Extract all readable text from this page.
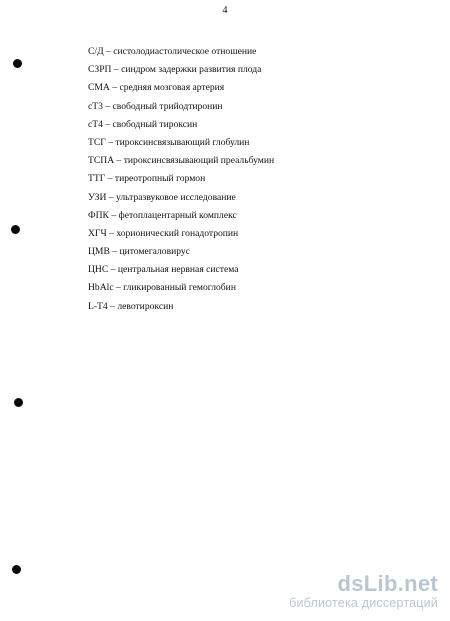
4
С/Д – систолодиастолическое отношение
СЗРП – синдром задержки развития плода
СМА – средняя мозговая артерия
сТ3 – свободный трийодтиронин
сТ4 – свободный тироксин
ТСГ – тироксинсвязывающий глобулин
ТСПА – тироксинсвязывающий преальбумин
ТТГ – тиреотропный гормон
УЗИ – ультразвуковое исследование
ФПК – фетоплацентарный комплекс
ХГЧ – хорионический гонадотропин
ЦМВ – цитомегаловирус
ЦНС – центральная нервная система
HbAlc – гликированный гемоглобин
L-T4 – левотироксин
dsLib.net
библиотека диссертаций
